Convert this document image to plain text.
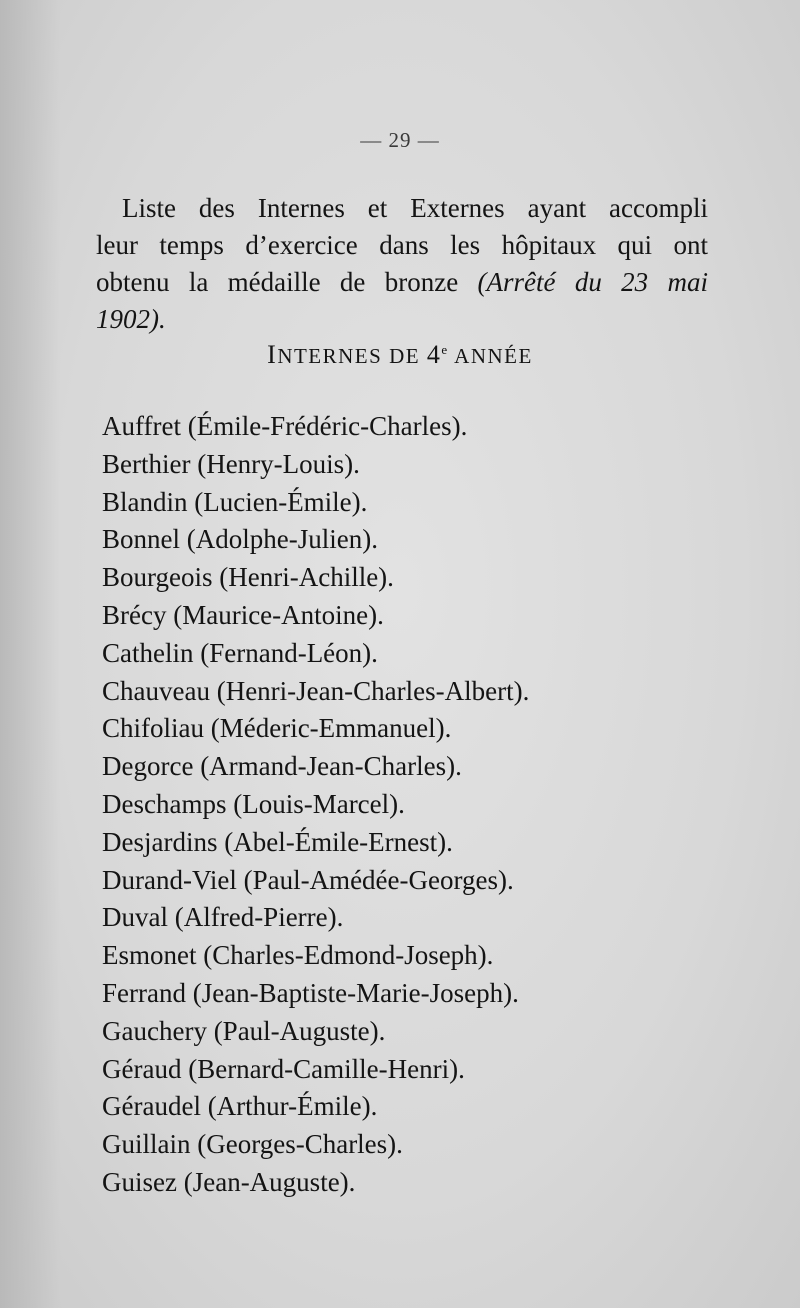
— 29 —

Liste des Internes et Externes ayant accompli
leur temps d’exercice dans les hôpitaux qui ont
obtenu la médaille de bronze (Arrêté du 23 mai
1902).

INTERNES DE 4e ANNÉE
Auffret (Émile-Frédéric-Charles).
Berthier (Henry-Louis).
Blandin (Lucien-Émile).
Bonnel (Adolphe-Julien).
Bourgeois (Henri-Achille).
Brécy (Maurice-Antoine).
Cathelin (Fernand-Léon).
Chauveau (Henri-Jean-Charles-Albert).
Chifoliau (Méderic-Emmanuel).
Degorce (Armand-Jean-Charles).
Deschamps (Louis-Marcel).
Desjardins (Abel-Émile-Ernest).
Durand-Viel (Paul-Amédée-Georges).
Duval (Alfred-Pierre).
Esmonet (Charles-Edmond-Joseph).
Ferrand (Jean-Baptiste-Marie-Joseph).
Gauchery (Paul-Auguste).
Géraud (Bernard-Camille-Henri).
Géraudel (Arthur-Émile).
Guillain (Georges-Charles).
Guisez (Jean-Auguste).
